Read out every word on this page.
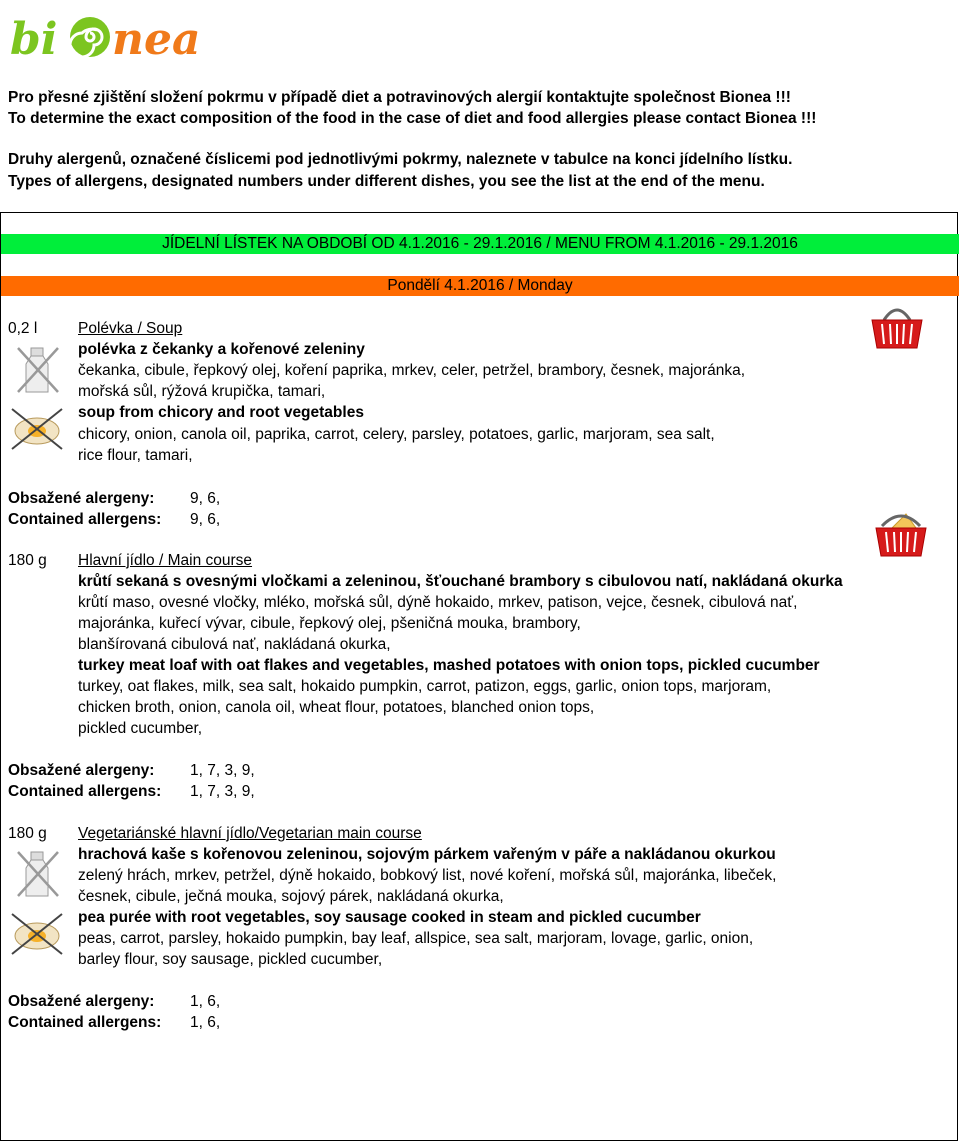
bi nea
Pro přesné zjištění složení pokrmu v případě diet a potravinových alergií kontaktujte společnost Bionea !!!
To determine the exact composition of the food in the case of diet and food allergies please contact Bionea !!!
Druhy alergenů, označené číslicemi pod jednotlivými pokrmy, naleznete v tabulce na konci jídelního lístku.
Types of allergens, designated numbers under different dishes, you see the list at the end of the menu.
JÍDELNÍ LÍSTEK NA OBDOBÍ OD 4.1.2016 - 29.1.2016 / MENU FROM 4.1.2016 - 29.1.2016
Pondělí 4.1.2016 / Monday
0,2 l	Polévka / Soup
polévka z čekanky a kořenové zeleniny
čekanka, cibule, řepkový olej, koření paprika, mrkev, celer, petržel, brambory, česnek, majoránka,
mořská sůl, rýžová krupička, tamari,
soup from chicory and root vegetables
chicory, onion, canola oil, paprika, carrot, celery, parsley, potatoes, garlic, marjoram, sea salt,
rice flour, tamari,
Obsažené alergeny: 9, 6,
Contained allergens: 9, 6,
180 g Hlavní jídlo / Main course
krůtí sekaná s ovesnými vločkami a zeleninou, šťouchané brambory s cibulovou natí, nakládaná okurka
krůtí maso, ovesné vločky, mléko, mořská sůl, dýně hokaido, mrkev, patison, vejce, česnek, cibulová nať,
majoránka, kuřecí vývar, cibule, řepkový olej, pšeničná mouka, brambory,
blanšírovaná cibulová nať, nakládaná okurka,
turkey meat loaf with oat flakes and vegetables, mashed potatoes with onion tops, pickled cucumber
turkey, oat flakes, milk, sea salt, hokaido pumpkin, carrot, patizon, eggs, garlic, onion tops, marjoram,
chicken broth, onion, canola oil, wheat flour, potatoes, blanched onion tops,
pickled cucumber,
Obsažené alergeny: 1, 7, 3, 9,
Contained allergens: 1, 7, 3, 9,
180 g Vegetariánské hlavní jídlo/Vegetarian main course
hrachová kaše s kořenovou zeleninou, sojovým párkem vařeným v páře a nakládanou okurkou
zelený hrách, mrkev, petržel, dýně hokaido, bobkový list, nové koření, mořská sůl, majoránka, libeček,
česnek, cibule, ječná mouka, sojový párek, nakládaná okurka,
pea purée with root vegetables, soy sausage cooked in steam and pickled cucumber
peas, carrot, parsley, hokaido pumpkin, bay leaf, allspice, sea salt, marjoram, lovage, garlic, onion,
barley flour, soy sausage, pickled cucumber,
Obsažené alergeny: 1, 6,
Contained allergens: 1, 6,
